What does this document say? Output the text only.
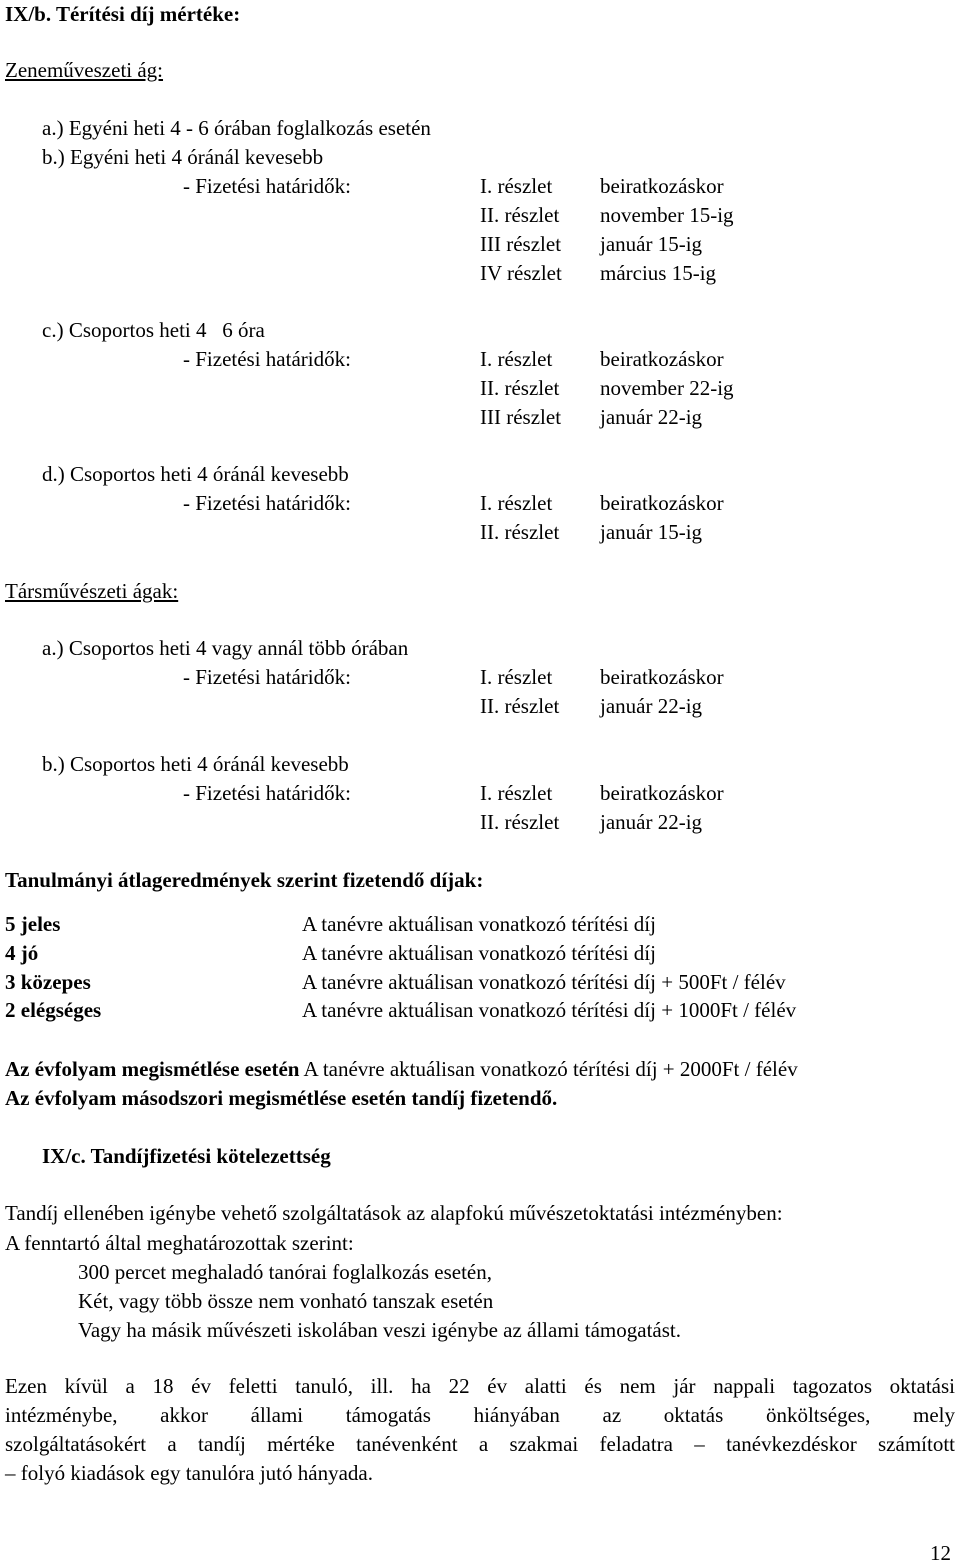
IX/b. Térítési díj mértéke:
Zeneműveszeti ág:
a.) Egyéni heti 4 - 6 órában foglalkozás esetén
b.) Egyéni heti 4 óránál kevesebb
- Fizetési határidők:	I. részlet beiratkozáskor
II. részlet november 15-ig
III részlet január 15-ig
IV részlet március 15-ig
c.) Csoportos heti 4   6 óra
- Fizetési határidők:	I. részlet beiratkozáskor
II. részlet november 22-ig
III részlet január 22-ig
d.) Csoportos heti 4 óránál kevesebb
- Fizetési határidők:	I. részlet beiratkozáskor
II. részlet január 15-ig
Társművészeti ágak:
a.) Csoportos heti 4 vagy annál több órában
- Fizetési határidők:	I. részlet beiratkozáskor
II. részlet január 22-ig
b.) Csoportos heti 4 óránál kevesebb
- Fizetési határidők:	I. részlet beiratkozáskor
II. részlet január 22-ig
Tanulmányi átlageredmények szerint fizetendő díjak:
5 jeles	A tanévre aktuálisan vonatkozó térítési díj
4 jó	A tanévre aktuálisan vonatkozó térítési díj
3 közepes	A tanévre aktuálisan vonatkozó térítési díj + 500Ft / félév
2 elégséges	A tanévre aktuálisan vonatkozó térítési díj + 1000Ft / félév
Az évfolyam megismétlése esetén A tanévre aktuálisan vonatkozó térítési díj + 2000Ft / félév
Az évfolyam másodszori megismétlése esetén tandíj fizetendő.
IX/c. Tandíjfizetési kötelezettség
Tandíj ellenében igénybe vehető szolgáltatások az alapfokú művészetoktatási intézményben:
A fenntartó által meghatározottak szerint:
300 percet meghaladó tanórai foglalkozás esetén,
Két, vagy több össze nem vonható tanszak esetén
Vagy ha másik művészeti iskolában veszi igénybe az állami támogatást.
Ezen kívül a 18 év feletti tanuló, ill. ha 22 év alatti és nem jár nappali tagozatos oktatási
intézménybe, akkor állami támogatás hiányában az oktatás önköltséges, mely
szolgáltatásokért a tandíj mértéke tanévenként a szakmai feladatra – tanévkezdéskor számított
– folyó kiadások egy tanulóra jutó hányada.
12
